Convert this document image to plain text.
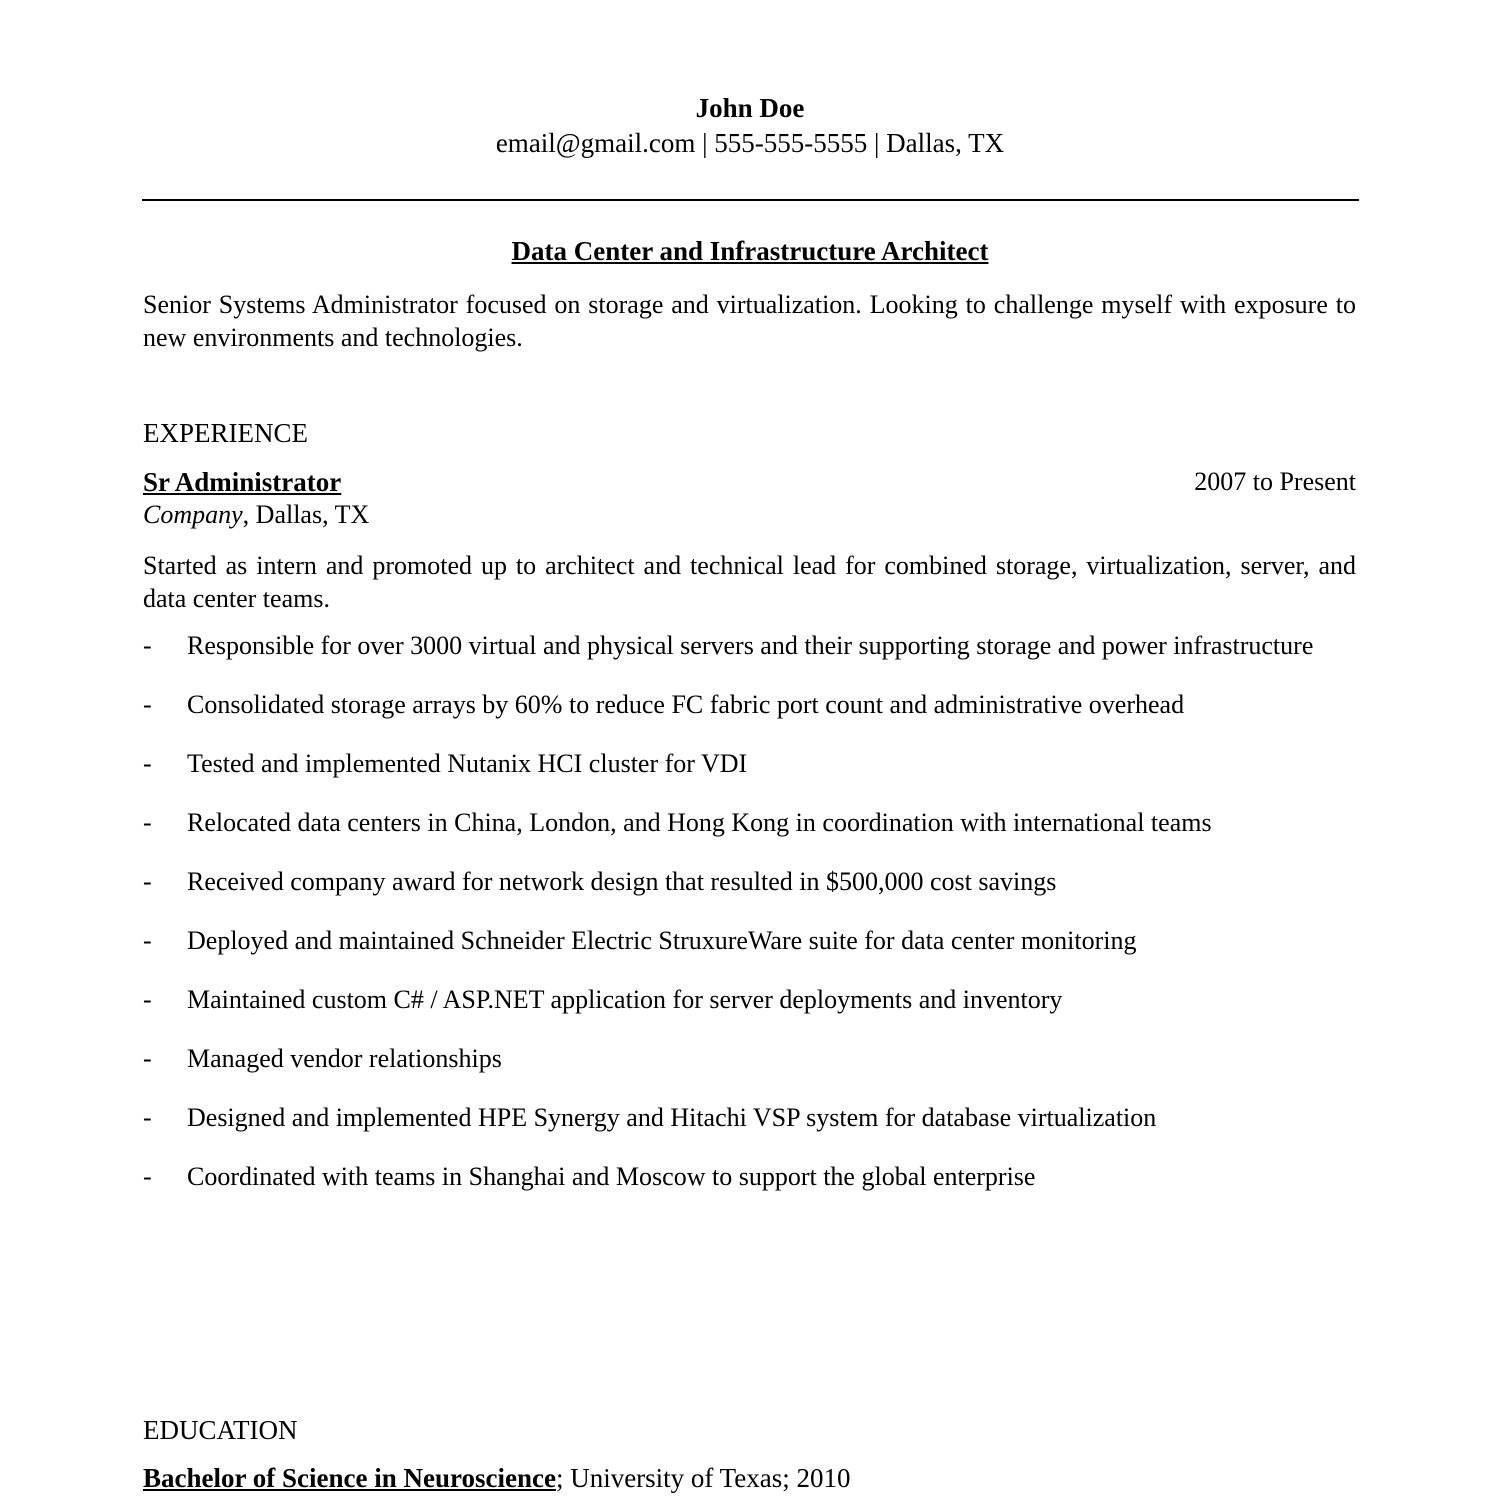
John Doe
email@gmail.com | 555-555-5555 | Dallas, TX
Data Center and Infrastructure Architect
Senior Systems Administrator focused on storage and virtualization. Looking to challenge myself with exposure to new environments and technologies.
EXPERIENCE
Sr Administrator	2007 to Present
Company, Dallas, TX
Started as intern and promoted up to architect and technical lead for combined storage, virtualization, server, and data center teams.
- Responsible for over 3000 virtual and physical servers and their supporting storage and power infrastructure
- Consolidated storage arrays by 60% to reduce FC fabric port count and administrative overhead
- Tested and implemented Nutanix HCI cluster for VDI
- Relocated data centers in China, London, and Hong Kong in coordination with international teams
- Received company award for network design that resulted in $500,000 cost savings
- Deployed and maintained Schneider Electric StruxureWare suite for data center monitoring
- Maintained custom C# / ASP.NET application for server deployments and inventory
- Managed vendor relationships
- Designed and implemented HPE Synergy and Hitachi VSP system for database virtualization
- Coordinated with teams in Shanghai and Moscow to support the global enterprise
EDUCATION
Bachelor of Science in Neuroscience; University of Texas; 2010
